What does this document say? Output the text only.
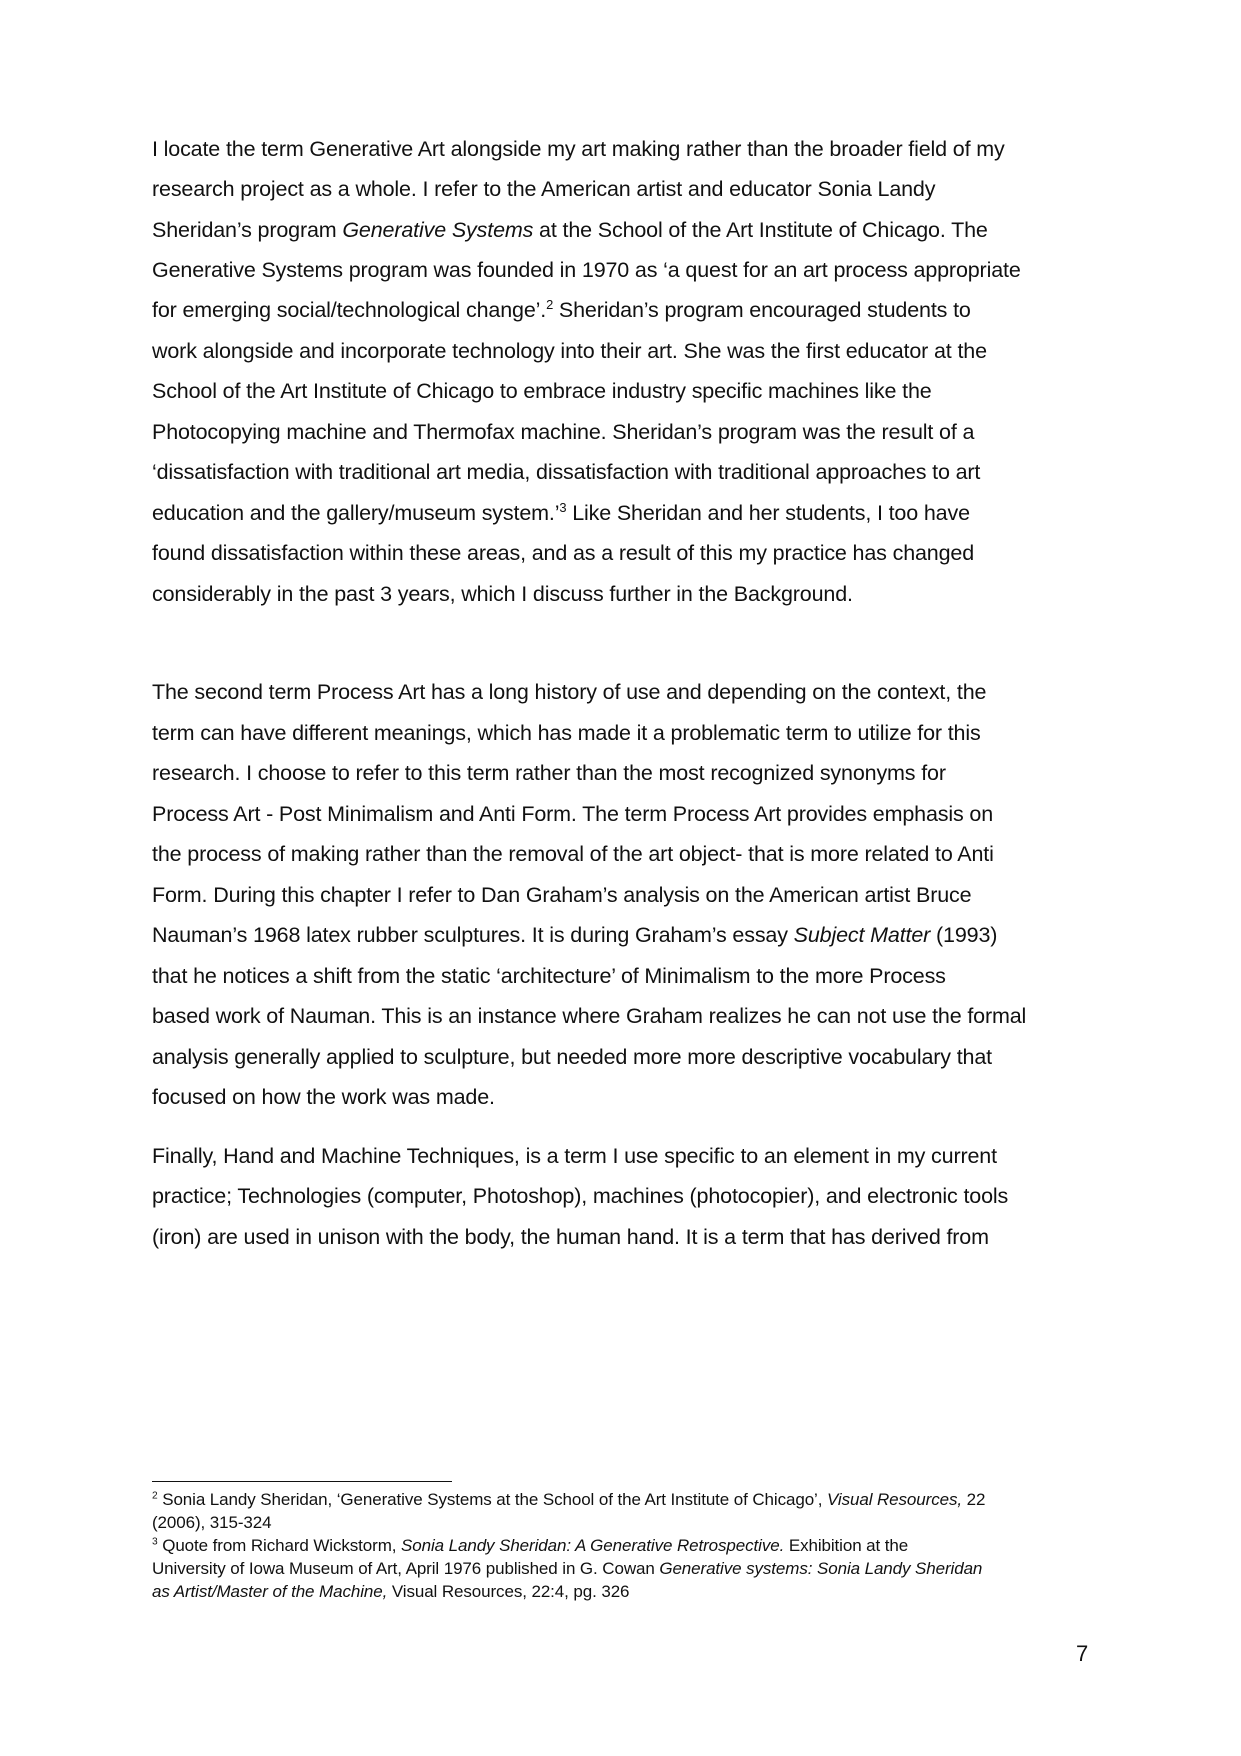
I locate the term Generative Art alongside my art making rather than the broader field of my
research project as a whole. I refer to the American artist and educator Sonia Landy
Sheridan’s program Generative Systems at the School of the Art Institute of Chicago. The
Generative Systems program was founded in 1970 as ‘a quest for an art process appropriate
for emerging social/technological change’.$^2$ Sheridan’s program encouraged students to
work alongside and incorporate technology into their art. She was the first educator at the
School of the Art Institute of Chicago to embrace industry specific machines like the
Photocopying machine and Thermofax machine. Sheridan’s program was the result of a
‘dissatisfaction with traditional art media, dissatisfaction with traditional approaches to art
education and the gallery/museum system.’$^3$ Like Sheridan and her students, I too have
found dissatisfaction within these areas, and as a result of this my practice has changed
considerably in the past 3 years, which I discuss further in the Background.
The second term Process Art has a long history of use and depending on the context, the
term can have different meanings, which has made it a problematic term to utilize for this
research. I choose to refer to this term rather than the most recognized synonyms for
Process Art - Post Minimalism and Anti Form. The term Process Art provides emphasis on
the process of making rather than the removal of the art object- that is more related to Anti
Form. During this chapter I refer to Dan Graham’s analysis on the American artist Bruce
Nauman’s 1968 latex rubber sculptures. It is during Graham’s essay Subject Matter (1993)
that he notices a shift from the static ‘architecture’ of Minimalism to the more Process
based work of Nauman. This is an instance where Graham realizes he can not use the formal
analysis generally applied to sculpture, but needed more more descriptive vocabulary that
focused on how the work was made.
Finally, Hand and Machine Techniques, is a term I use specific to an element in my current
practice; Technologies (computer, Photoshop), machines (photocopier), and electronic tools
(iron) are used in unison with the body, the human hand. It is a term that has derived from
$^2$ Sonia Landy Sheridan, ‘Generative Systems at the School of the Art Institute of Chicago’, Visual Resources, 22
(2006), 315-324
$^3$ Quote from Richard Wickstorm, Sonia Landy Sheridan: A Generative Retrospective. Exhibition at the
University of Iowa Museum of Art, April 1976 published in G. Cowan Generative systems: Sonia Landy Sheridan
as Artist/Master of the Machine, Visual Resources, 22:4, pg. 326
7
